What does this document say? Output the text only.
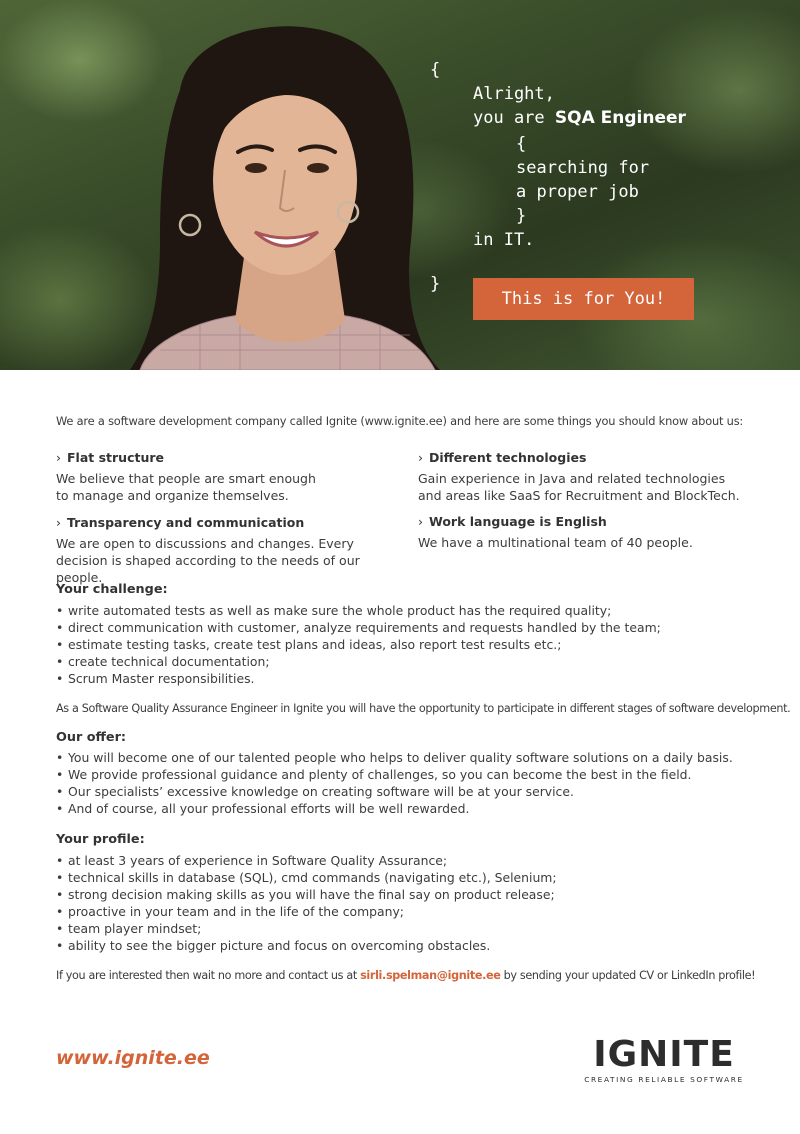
{
Alright,
you are SQA Engineer
{
searching for
a proper job
}
in IT.
}
This is for You!

We are a software development company called Ignite (www.ignite.ee) and here are some things you should know about us:

› Flat structure

We believe that people are smart enough
to manage and organize themselves.

› Different technologies

Gain experience in Java and related technologies
and areas like SaaS for Recruitment and BlockTech.

› Transparency and communication

We are open to discussions and changes. Every
decision is shaped according to the needs of our people.

› Work language is English

We have a multinational team of 40 people.

Your challenge:
• write automated tests as well as make sure the whole product has the required quality;
• direct communication with customer, analyze requirements and requests handled by the team;
• estimate testing tasks, create test plans and ideas, also report test results etc.;
• create technical documentation;
• Scrum Master responsibilities.
As a Software Quality Assurance Engineer in Ignite you will have the opportunity to participate in different stages of software development.
Our offer:
• You will become one of our talented people who helps to deliver quality software solutions on a daily basis.
• We provide professional guidance and plenty of challenges, so you can become the best in the field.
• Our specialists’ excessive knowledge on creating software will be at your service.
• And of course, all your professional efforts will be well rewarded.
Your profile:
• at least 3 years of experience in Software Quality Assurance;
• technical skills in database (SQL), cmd commands (navigating etc.), Selenium;
• strong decision making skills as you will have the final say on product release;
• proactive in your team and in the life of the company;
• team player mindset;
• ability to see the bigger picture and focus on overcoming obstacles.
If you are interested then wait no more and contact us at sirli.spelman@ignite.ee by sending your updated CV or LinkedIn profile!
www.ignite.ee	IGNITE
CREATING RELIABLE SOFTWARE
